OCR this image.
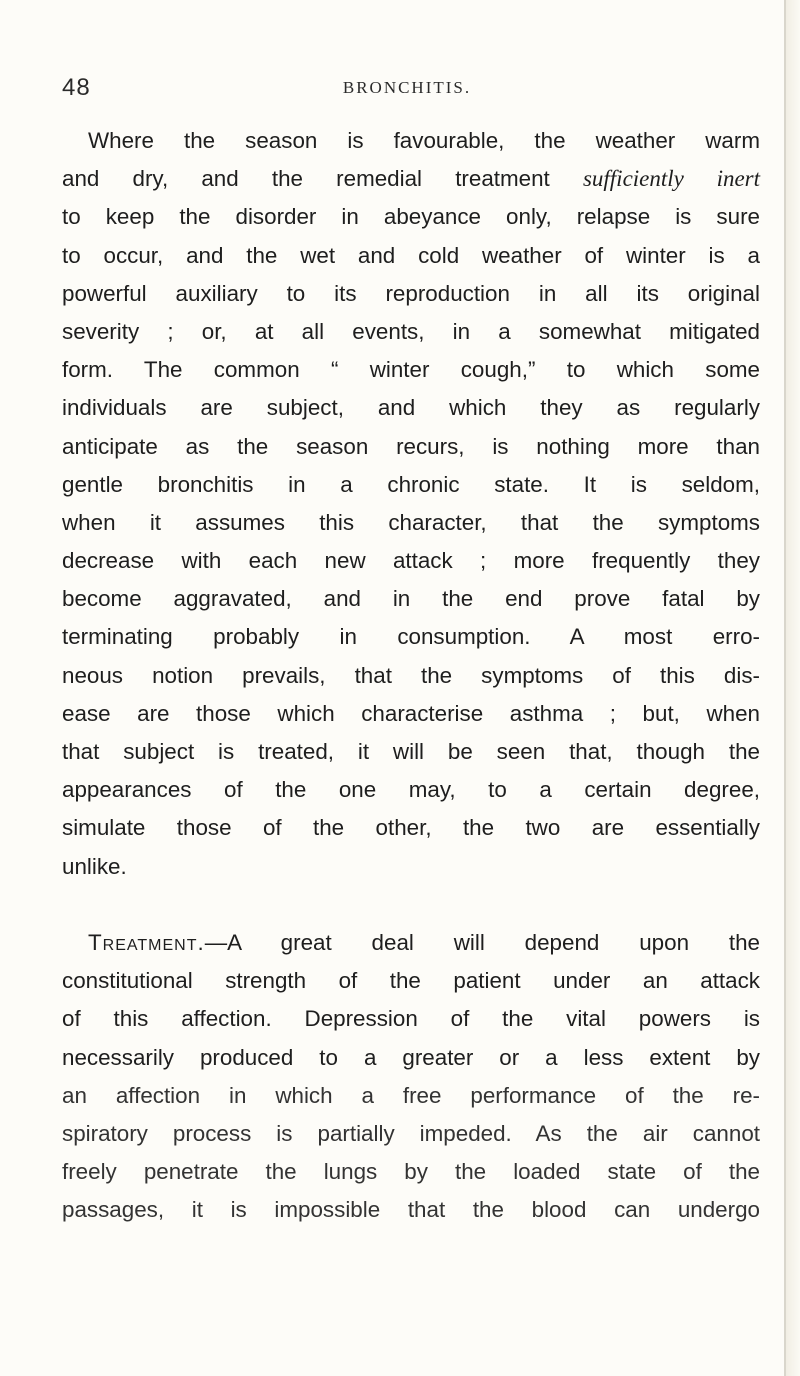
48	BRONCHITIS.
Where the season is favourable, the weather warm
and dry, and the remedial treatment sufficiently inert
to keep the disorder in abeyance only, relapse is sure
to occur, and the wet and cold weather of winter is a
powerful auxiliary to its reproduction in all its original
severity ; or, at all events, in a somewhat mitigated
form. The common “ winter cough,” to which some
individuals are subject, and which they as regularly
anticipate as the season recurs, is nothing more than
gentle bronchitis in a chronic state. It is seldom,
when it assumes this character, that the symptoms
decrease with each new attack ; more frequently they
become aggravated, and in the end prove fatal by
terminating probably in consumption. A most erro-
neous notion prevails, that the symptoms of this dis-
ease are those which characterise asthma ; but, when
that subject is treated, it will be seen that, though the
appearances of the one may, to a certain degree,
simulate those of the other, the two are essentially
unlike.
Treatment.—A great deal will depend upon the
constitutional strength of the patient under an attack
of this affection. Depression of the vital powers is
necessarily produced to a greater or a less extent by
an affection in which a free performance of the re-
spiratory process is partially impeded. As the air cannot
freely penetrate the lungs by the loaded state of the
passages, it is impossible that the blood can undergo
